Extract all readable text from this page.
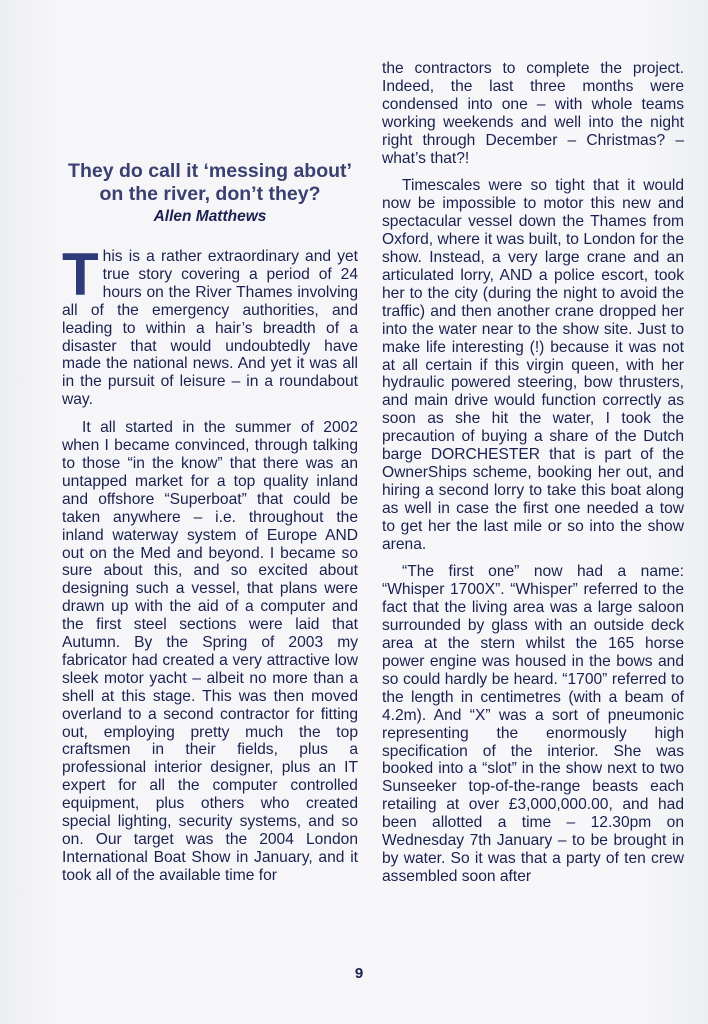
They do call it ‘messing about’ on the river, don’t they?
Allen Matthews

This is a rather extraordinary and yet true story covering a period of 24 hours on the River Thames involving all of the emergency authorities, and leading to within a hair’s breadth of a disaster that would undoubtedly have made the national news. And yet it was all in the pursuit of leisure – in a roundabout way.

It all started in the summer of 2002 when I became convinced, through talking to those “in the know” that there was an untapped market for a top quality inland and offshore “Superboat” that could be taken anywhere – i.e. throughout the inland waterway system of Europe AND out on the Med and beyond. I became so sure about this, and so excited about designing such a vessel, that plans were drawn up with the aid of a computer and the first steel sections were laid that Autumn. By the Spring of 2003 my fabricator had created a very attractive low sleek motor yacht – albeit no more than a shell at this stage. This was then moved overland to a second contractor for fitting out, employing pretty much the top craftsmen in their fields, plus a professional interior designer, plus an IT expert for all the computer controlled equipment, plus others who created special lighting, security systems, and so on. Our target was the 2004 London International Boat Show in January, and it took all of the available time for

the contractors to complete the project. Indeed, the last three months were condensed into one – with whole teams working weekends and well into the night right through December – Christmas? – what’s that?!

Timescales were so tight that it would now be impossible to motor this new and spectacular vessel down the Thames from Oxford, where it was built, to London for the show. Instead, a very large crane and an articulated lorry, AND a police escort, took her to the city (during the night to avoid the traffic) and then another crane dropped her into the water near to the show site. Just to make life interesting (!) because it was not at all certain if this virgin queen, with her hydraulic powered steering, bow thrusters, and main drive would function correctly as soon as she hit the water, I took the precaution of buying a share of the Dutch barge DORCHESTER that is part of the OwnerShips scheme, booking her out, and hiring a second lorry to take this boat along as well in case the first one needed a tow to get her the last mile or so into the show arena.

“The first one” now had a name: “Whisper 1700X”. “Whisper” referred to the fact that the living area was a large saloon surrounded by glass with an outside deck area at the stern whilst the 165 horse power engine was housed in the bows and so could hardly be heard. “1700” referred to the length in centimetres (with a beam of 4.2m). And “X” was a sort of pneumonic representing the enormously high specification of the interior. She was booked into a “slot” in the show next to two Sunseeker top-of-the-range beasts each retailing at over £3,000,000.00, and had been allotted a time – 12.30pm on Wednesday 7th January – to be brought in by water. So it was that a party of ten crew assembled soon after

9
